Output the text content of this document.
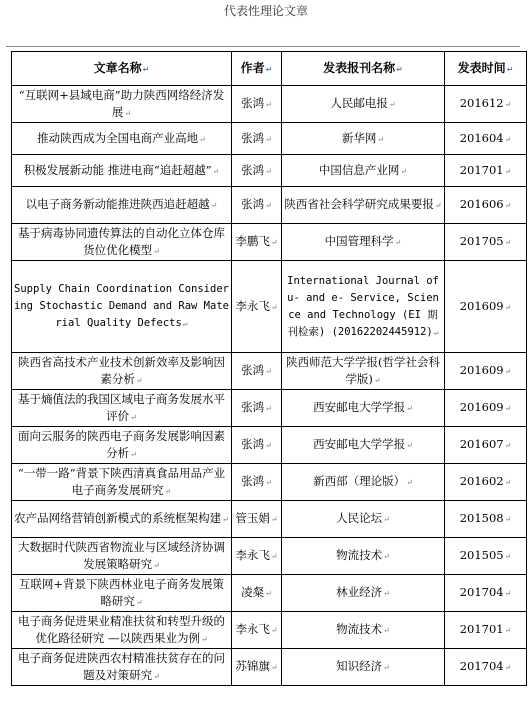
代表性理论文章
文章名称↵	作者↵	发表报刊名称↵	发表时间↵
“互联网+县域电商”助力陕西网络经济发展↵	张鸿↵	人民邮电报↵	201612↵
推动陕西成为全国电商产业高地↵	张鸿↵	新华网↵	201604↵
积极发展新动能 推进电商“追赶超越”↵	张鸿↵	中国信息产业网↵	201701↵
以电子商务新动能推进陕西追赶超越↵	张鸿↵	陕西省社会科学研究成果要报↵	201606↵
基于病毒协同遗传算法的自动化立体仓库货位优化模型↵	李鹏飞↵	中国管理科学↵	201705↵
Supply Chain Coordination Considering Stochastic Demand and Raw Material Quality Defects↵	李永飞↵	International Journal of u- and e- Service, Science and Technology (EI 期刊检索) (20162202445912)↵	201609↵
陕西省高技术产业技术创新效率及影响因素分析↵	张鸿↵	陕西师范大学学报(哲学社会科学版)↵	201609↵
基于熵值法的我国区域电子商务发展水平评价↵	张鸿↵	西安邮电大学学报↵	201609↵
面向云服务的陕西电子商务发展影响因素分析↵	张鸿↵	西安邮电大学学报↵	201607↵
“一带一路”背景下陕西清真食品用品产业电子商务发展研究↵	张鸿↵	新西部（理论版）↵	201602↵
农产品网络营销创新模式的系统框架构建↵	管玉娟↵	人民论坛↵	201508↵
大数据时代陕西省物流业与区域经济协调发展策略研究↵	李永飞↵	物流技术↵	201505↵
互联网+背景下陕西林业电子商务发展策略研究↵	凌粲↵	林业经济↵	201704↵
电子商务促进果业精准扶贫和转型升级的优化路径研究 —以陕西果业为例↵	李永飞↵	物流技术↵	201701↵
电子商务促进陕西农村精准扶贫存在的问题及对策研究↵	苏锦旗↵	知识经济↵	201704↵
